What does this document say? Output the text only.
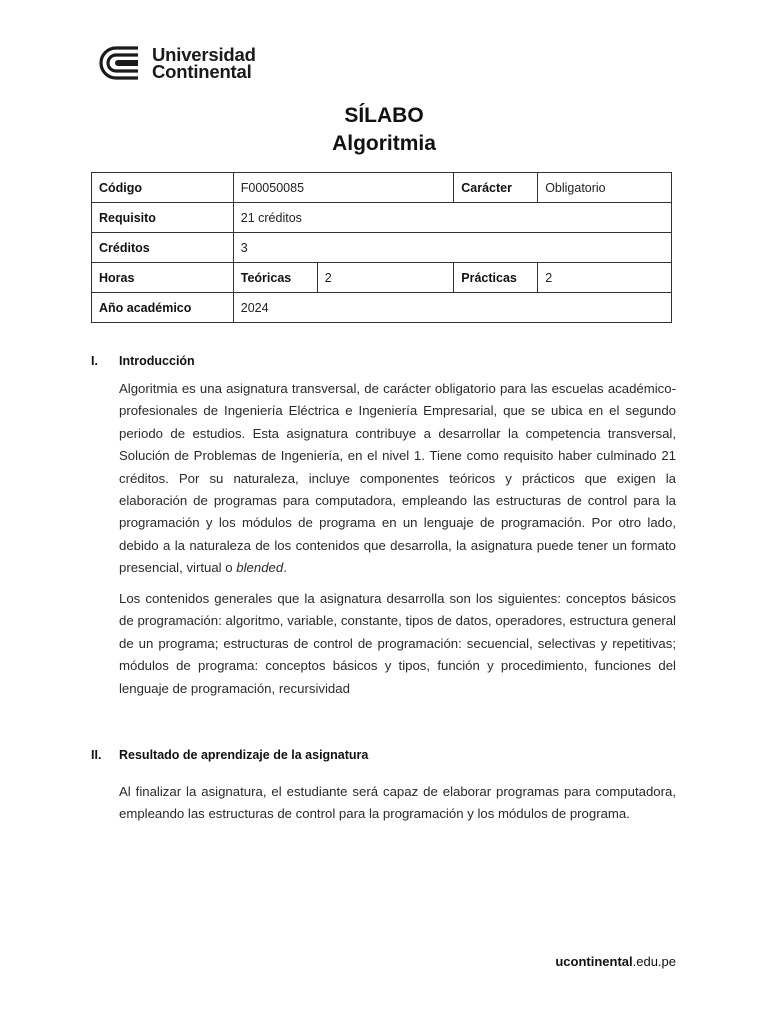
Universidad
Continental
SÍLABO
Algoritmia
Código	F00050085		Carácter	Obligatorio
Requisito	21 créditos			
Créditos	3			
Horas	Teóricas	2	Prácticas	2
Año académico	2024			
I. Introducción
Algoritmia es una asignatura transversal, de carácter obligatorio para las escuelas académico-profesionales de Ingeniería Eléctrica e Ingeniería Empresarial, que se ubica en el segundo periodo de estudios. Esta asignatura contribuye a desarrollar la competencia transversal, Solución de Problemas de Ingeniería, en el nivel 1. Tiene como requisito haber culminado 21 créditos. Por su naturaleza, incluye componentes teóricos y prácticos que exigen la elaboración de programas para computadora, empleando las estructuras de control para la programación y los módulos de programa en un lenguaje de programación. Por otro lado, debido a la naturaleza de los contenidos que desarrolla, la asignatura puede tener un formato presencial, virtual o blended.
Los contenidos generales que la asignatura desarrolla son los siguientes: conceptos básicos de programación: algoritmo, variable, constante, tipos de datos, operadores, estructura general de un programa; estructuras de control de programación: secuencial, selectivas y repetitivas; módulos de programa: conceptos básicos y tipos, función y procedimiento, funciones del lenguaje de programación, recursividad
II. Resultado de aprendizaje de la asignatura
Al finalizar la asignatura, el estudiante será capaz de elaborar programas para computadora, empleando las estructuras de control para la programación y los módulos de programa.
ucontinental.edu.pe
